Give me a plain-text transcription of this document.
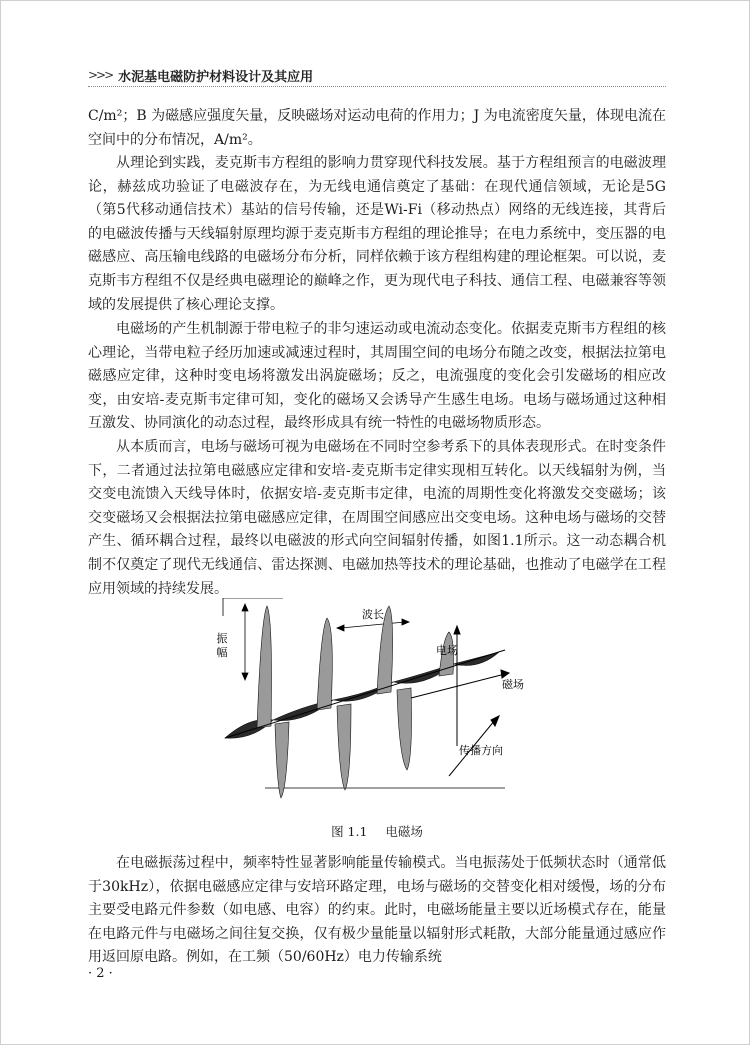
>>> 水泥基电磁防护材料设计及其应用

C/m²；B 为磁感应强度矢量，反映磁场对运动电荷的作用力；J 为电流密度矢量，体现电流在空间中的分布情况，A/m²。

从理论到实践，麦克斯韦方程组的影响力贯穿现代科技发展。基于方程组预言的电磁波理论，赫兹成功验证了电磁波存在，为无线电通信奠定了基础：在现代通信领域，无论是5G（第5代移动通信技术）基站的信号传输，还是Wi-Fi（移动热点）网络的无线连接，其背后的电磁波传播与天线辐射原理均源于麦克斯韦方程组的理论推导；在电力系统中，变压器的电磁感应、高压输电线路的电磁场分布分析，同样依赖于该方程组构建的理论框架。可以说，麦克斯韦方程组不仅是经典电磁理论的巅峰之作，更为现代电子科技、通信工程、电磁兼容等领域的发展提供了核心理论支撑。

电磁场的产生机制源于带电粒子的非匀速运动或电流动态变化。依据麦克斯韦方程组的核心理论，当带电粒子经历加速或减速过程时，其周围空间的电场分布随之改变，根据法拉第电磁感应定律，这种时变电场将激发出涡旋磁场；反之，电流强度的变化会引发磁场的相应改变，由安培-麦克斯韦定律可知，变化的磁场又会诱导产生感生电场。电场与磁场通过这种相互激发、协同演化的动态过程，最终形成具有统一特性的电磁场物质形态。

从本质而言，电场与磁场可视为电磁场在不同时空参考系下的具体表现形式。在时变条件下，二者通过法拉第电磁感应定律和安培-麦克斯韦定律实现相互转化。以天线辐射为例，当交变电流馈入天线导体时，依据安培-麦克斯韦定律，电流的周期性变化将激发交变磁场；该交变磁场又会根据法拉第电磁感应定律，在周围空间感应出交变电场。这种电场与磁场的交替产生、循环耦合过程，最终以电磁波的形式向空间辐射传播，如图1.1所示。这一动态耦合机制不仅奠定了现代无线通信、雷达探测、电磁加热等技术的理论基础，也推动了电磁学在工程应用领域的持续发展。

振
幅
波长
电场
磁场
传播方向
图 1.1 电磁场

在电磁振荡过程中，频率特性显著影响能量传输模式。当电振荡处于低频状态时（通常低于30kHz），依据电磁感应定律与安培环路定理，电场与磁场的交替变化相对缓慢，场的分布主要受电路元件参数（如电感、电容）的约束。此时，电磁场能量主要以近场模式存在，能量在电路元件与电磁场之间往复交换，仅有极少量能量以辐射形式耗散，大部分能量通过感应作用返回原电路。例如，在工频（50/60Hz）电力传输系统

· 2 ·
